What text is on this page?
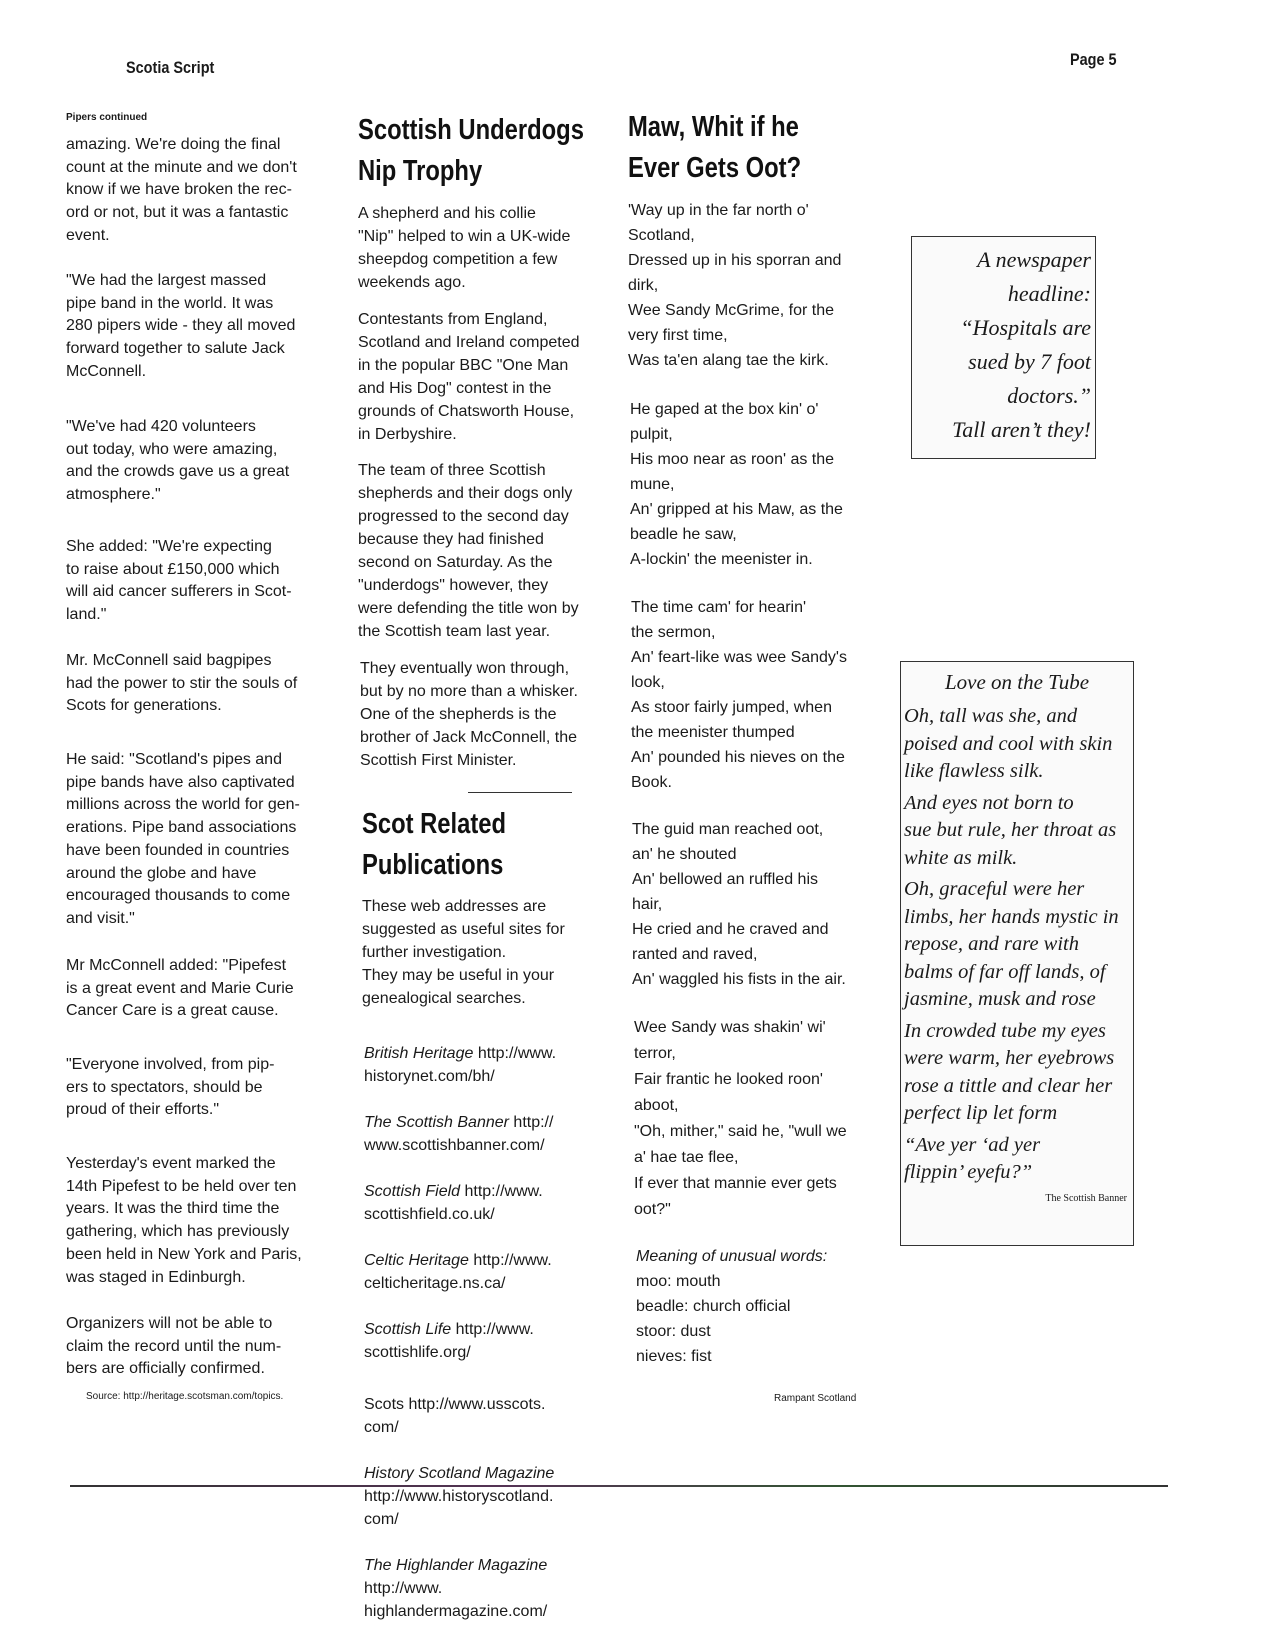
Scotia Script	Page 5
Pipers continued
amazing. We're doing the final
count at the minute and we don't
know if we have broken the rec-
ord or not, but it was a fantastic
event.
"We had the largest massed
pipe band in the world. It was
280 pipers wide - they all moved
forward together to salute Jack
McConnell.
"We've had 420 volunteers
out today, who were amazing,
and the crowds gave us a great
atmosphere."
She added: "We're expecting
to raise about £150,000 which
will aid cancer sufferers in Scot-
land."
Mr. McConnell said bagpipes
had the power to stir the souls of
Scots for generations.
He said: "Scotland's pipes and
pipe bands have also captivated
millions across the world for gen-
erations. Pipe band associations
have been founded in countries
around the globe and have
encouraged thousands to come
and visit."
Mr McConnell added: "Pipefest
is a great event and Marie Curie
Cancer Care is a great cause.
"Everyone involved, from pip-
ers to spectators, should be
proud of their efforts."
Yesterday's event marked the
14th Pipefest to be held over ten
years. It was the third time the
gathering, which has previously
been held in New York and Paris,
was staged in Edinburgh.
Organizers will not be able to
claim the record until the num-
bers are officially confirmed.
Source: http://heritage.scotsman.com/topics.
Scottish Underdogs
Nip Trophy
A shepherd and his collie
"Nip" helped to win a UK-wide
sheepdog competition a few
weekends ago.
Contestants from England,
Scotland and Ireland competed
in the popular BBC "One Man
and His Dog" contest in the
grounds of Chatsworth House,
in Derbyshire.
The team of three Scottish
shepherds and their dogs only
progressed to the second day
because they had finished
second on Saturday. As the
"underdogs" however, they
were defending the title won by
the Scottish team last year.
They eventually won through,
but by no more than a whisker.
One of the shepherds is the
brother of Jack McConnell, the
Scottish First Minister.
Scot Related
Publications
These web addresses are
suggested as useful sites for
further investigation.
They may be useful in your
genealogical searches.

British Heritage http://www.
historynet.com/bh/

The Scottish Banner http://
www.scottishbanner.com/

Scottish Field http://www.
scottishfield.co.uk/

Celtic Heritage http://www.
celticheritage.ns.ca/

Scottish Life http://www.
scottishlife.org/

Scots http://www.usscots.
com/

History Scotland Magazine
http://www.historyscotland.
com/

The Highlander Magazine
http://www.
highlandermagazine.com/

Maw, Whit if he
Ever Gets Oot?
'Way up in the far north o'
Scotland,
Dressed up in his sporran and
dirk,
Wee Sandy McGrime, for the
very first time,
Was ta'en alang tae the kirk.
He gaped at the box kin' o'
pulpit,
His moo near as roon' as the
mune,
An' gripped at his Maw, as the
beadle he saw,
A-lockin' the meenister in.
The time cam' for hearin'
the sermon,
An' feart-like was wee Sandy's
look,
As stoor fairly jumped, when
the meenister thumped
An' pounded his nieves on the
Book.
The guid man reached oot,
an' he shouted
An' bellowed an ruffled his
hair,
He cried and he craved and
ranted and raved,
An' waggled his fists in the air.
Wee Sandy was shakin' wi'
terror,
Fair frantic he looked roon'
aboot,
"Oh, mither," said he, "wull we
a' hae tae flee,
If ever that mannie ever gets
oot?"
Meaning of unusual words:
moo: mouth
beadle: church official
stoor: dust
nieves: fist
Rampant Scotland
A newspaper
headline:
“Hospitals are
sued by 7 foot
doctors.”
Tall aren’t they!
Love on the Tube
Oh, tall was she, and
poised and cool with skin
like flawless silk.
And eyes not born to
sue but rule, her throat as
white as milk.
Oh, graceful were her
limbs, her hands mystic in
repose, and rare with
balms of far off lands, of
jasmine, musk and rose
In crowded tube my eyes
were warm, her eyebrows
rose a tittle and clear her
perfect lip let form
“Ave yer ‘ad yer
flippin’ eyefu?”
The Scottish Banner
